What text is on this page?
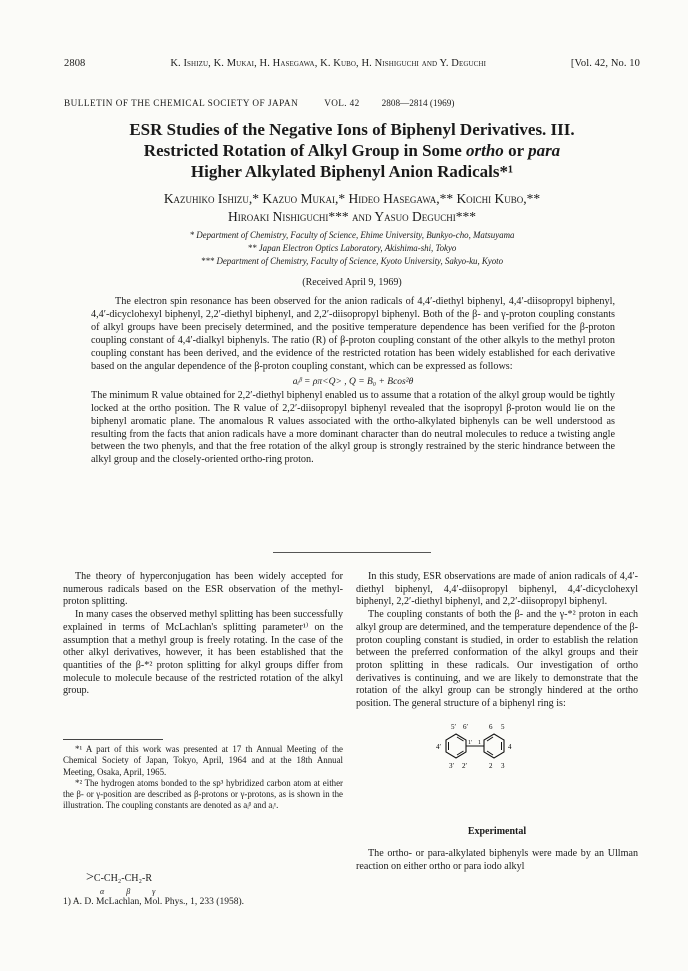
2808	K. Ishizu, K. Mukai, H. Hasegawa, K. Kubo, H. Nishiguchi and Y. Deguchi	[Vol. 42, No. 10
BULLETIN OF THE CHEMICAL SOCIETY OF JAPAN	VOL. 42 2808—2814 (1969)
ESR Studies of the Negative Ions of Biphenyl Derivatives. III.
Restricted Rotation of Alkyl Group in Some ortho or para
Higher Alkylated Biphenyl Anion Radicals*¹
Kazuhiko Ishizu,* Kazuo Mukai,* Hideo Hasegawa,** Koichi Kubo,**
Hiroaki Nishiguchi*** and Yasuo Deguchi***
* Department of Chemistry, Faculty of Science, Ehime University, Bunkyo-cho, Matsuyama
** Japan Electron Optics Laboratory, Akishima-shi, Tokyo
*** Department of Chemistry, Faculty of Science, Kyoto University, Sakyo-ku, Kyoto
(Received April 9, 1969)

The electron spin resonance has been observed for the anion radicals of 4,4′-diethyl biphenyl, 4,4′-diisopropyl biphenyl, 4,4′-dicyclohexyl biphenyl, 2,2′-diethyl biphenyl, and 2,2′-diisopropyl biphenyl. Both of the β- and γ-proton coupling constants of alkyl groups have been precisely determined, and the positive temperature dependence has been verified for the β-proton coupling constant of 4,4′-dialkyl biphenyls. The ratio (R) of β-proton coupling constant of the other alkyls to the methyl proton coupling constant has been derived, and the evidence of the restricted rotation has been widely established for each derivative based on the angular dependence of the β-proton coupling constant, which can be expressed as follows:

aᵢᵝ = ρπ<Q> , Q = B₀ + Bcos²θ

The minimum R value obtained for 2,2′-diethyl biphenyl enabled us to assume that a rotation of the alkyl group would be tightly locked at the ortho position. The R value of 2,2′-diisopropyl biphenyl revealed that the isopropyl β-proton would lie on the biphenyl aromatic plane. The anomalous R values associated with the ortho-alkylated biphenyls can be well understood as resulting from the facts that anion radicals have a more dominant character than do neutral molecules to reduce a twisting angle between the two phenyls, and that the free rotation of the alkyl group is strongly restrained by the steric hindrance between the alkyl group and the closely-oriented ortho-ring proton.

The theory of hyperconjugation has been widely accepted for numerous radicals based on the ESR observation of the methyl-proton splitting.

In many cases the observed methyl splitting has been successfully explained in terms of McLachlan's splitting parameter¹⁾ on the assumption that a methyl group is freely rotating. In the case of the other alkyl derivatives, however, it has been established that the quantities of the β-*² proton splitting for alkyl groups differ from molecule to molecule because of the restricted rotation of the alkyl group.

*¹ A part of this work was presented at 17 th Annual Meeting of the Chemical Society of Japan, Tokyo, April, 1964 and at the 18th Annual Meeting, Osaka, April, 1965.

*² The hydrogen atoms bonded to the sp³ hybridized carbon atom at either the β- or γ-position are described as β-protons or γ-protons, as is shown in the illustration. The coupling constants are denoted as aᵢᵝ and aᵢᵞ.

>C-CH₂-CH₂-R
α β γ
1) A. D. McLachlan, Mol. Phys., 1, 233 (1958).

In this study, ESR observations are made of anion radicals of 4,4′-diethyl biphenyl, 4,4′-diisopropyl biphenyl, 4,4′-dicyclohexyl biphenyl, 2,2′-diethyl biphenyl, and 2,2′-diisopropyl biphenyl.

The coupling constants of both the β- and the γ-*² proton in each alkyl group are determined, and the temperature dependence of the β-proton coupling constant is studied, in order to establish the relation between the preferred conformation of the alkyl groups and their proton splitting in these radicals. Our investigation of ortho derivatives is continuing, and we are likely to demonstrate that the rotation of the alkyl group can be strongly hindered at the ortho position. The general structure of a biphenyl ring is:

5′ 6′	6 5
4′	4
1′ 1
3′ 2′	2 3
Experimental

The ortho- or para-alkylated biphenyls were made by an Ullman reaction on either ortho or para iodo alkyl
